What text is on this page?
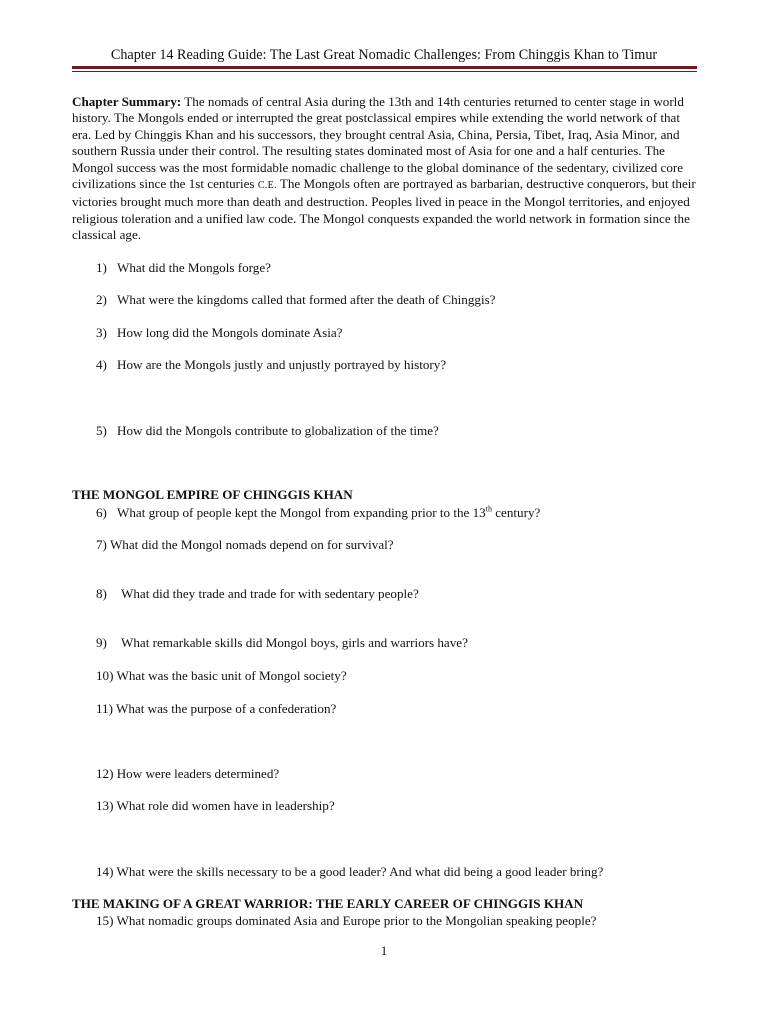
Chapter 14 Reading Guide: The Last Great Nomadic Challenges: From Chinggis Khan to Timur

Chapter Summary: The nomads of central Asia during the 13th and 14th centuries returned to center stage in world history. The Mongols ended or interrupted the great postclassical empires while extending the world network of that era. Led by Chinggis Khan and his successors, they brought central Asia, China, Persia, Tibet, Iraq, Asia Minor, and southern Russia under their control. The resulting states dominated most of Asia for one and a half centuries. The Mongol success was the most formidable nomadic challenge to the global dominance of the sedentary, civilized core civilizations since the 1st centuries C.E. The Mongols often are portrayed as barbarian, destructive conquerors, but their victories brought much more than death and destruction. Peoples lived in peace in the Mongol territories, and enjoyed religious toleration and a unified law code. The Mongol conquests expanded the world network in formation since the classical age.

1) What did the Mongols forge?
2) What were the kingdoms called that formed after the death of Chinggis?
3) How long did the Mongols dominate Asia?
4) How are the Mongols justly and unjustly portrayed by history?
5) How did the Mongols contribute to globalization of the time?
THE MONGOL EMPIRE OF CHINGGIS KHAN
6) What group of people kept the Mongol from expanding prior to the 13th century?
7) What did the Mongol nomads depend on for survival?
8) What did they trade and trade for with sedentary people?
9) What remarkable skills did Mongol boys, girls and warriors have?
10) What was the basic unit of Mongol society?
11) What was the purpose of a confederation?
12) How were leaders determined?
13) What role did women have in leadership?
14) What were the skills necessary to be a good leader? And what did being a good leader bring?
THE MAKING OF A GREAT WARRIOR: THE EARLY CAREER OF CHINGGIS KHAN
15) What nomadic groups dominated Asia and Europe prior to the Mongolian speaking people?
1
